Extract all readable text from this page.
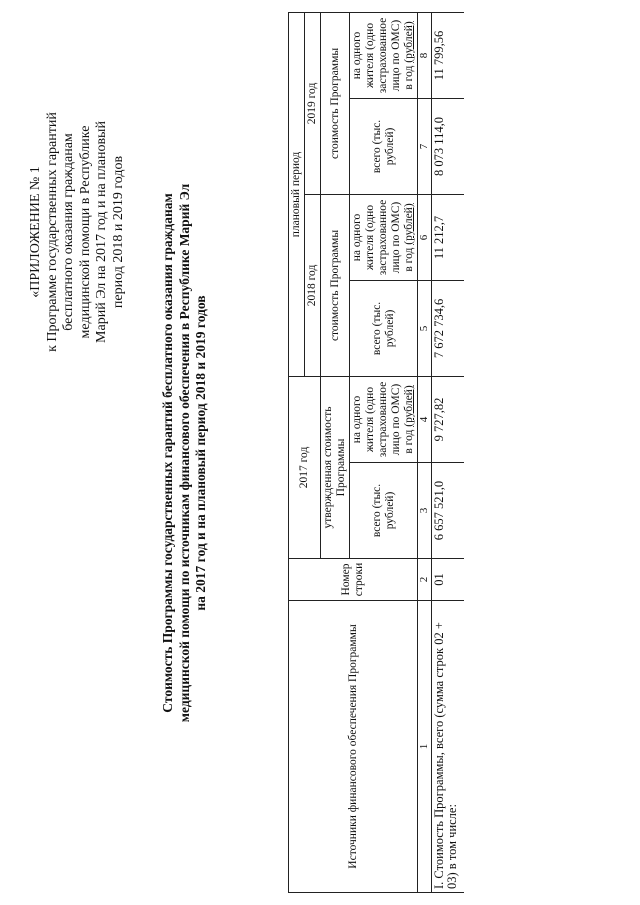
«ПРИЛОЖЕНИЕ № 1 к Программе государственных гарантий бесплатного оказания гражданам медицинской помощи в Республике Марий Эл на 2017 год и на плановый период 2018 и 2019 годов	Стоимость Программы государственных гарантий бесплатного оказания гражданам медицинской помощи по источникам финансового обеспечения в Республике Марий Эл на 2017 год и на плановый период 2018 и 2019 годов
Источники финансового обеспечения Программы	Номер строки	2017 год		плановый период			
				2018 год		2019 год	
		утвержденная стоимость Программы		стоимость Программы		стоимость Программы	
		всего (тыс. рублей)	на одного жителя (одно застрахованное лицо по ОМС) в год (рублей)	всего (тыс. рублей)	на одного жителя (одно застрахованное лицо по ОМС) в год (рублей)	всего (тыс. рублей)	на одного жителя (одно застрахованное лицо по ОМС) в год (рублей)
1	2	3	4	5	6	7	8
I. Стоимость Программы, всего (сумма строк 02 + 03) в том числе:	01	6 657 521,0	9 727,82	7 672 734,6	11 212,7	8 073 114,0	11 799,56
